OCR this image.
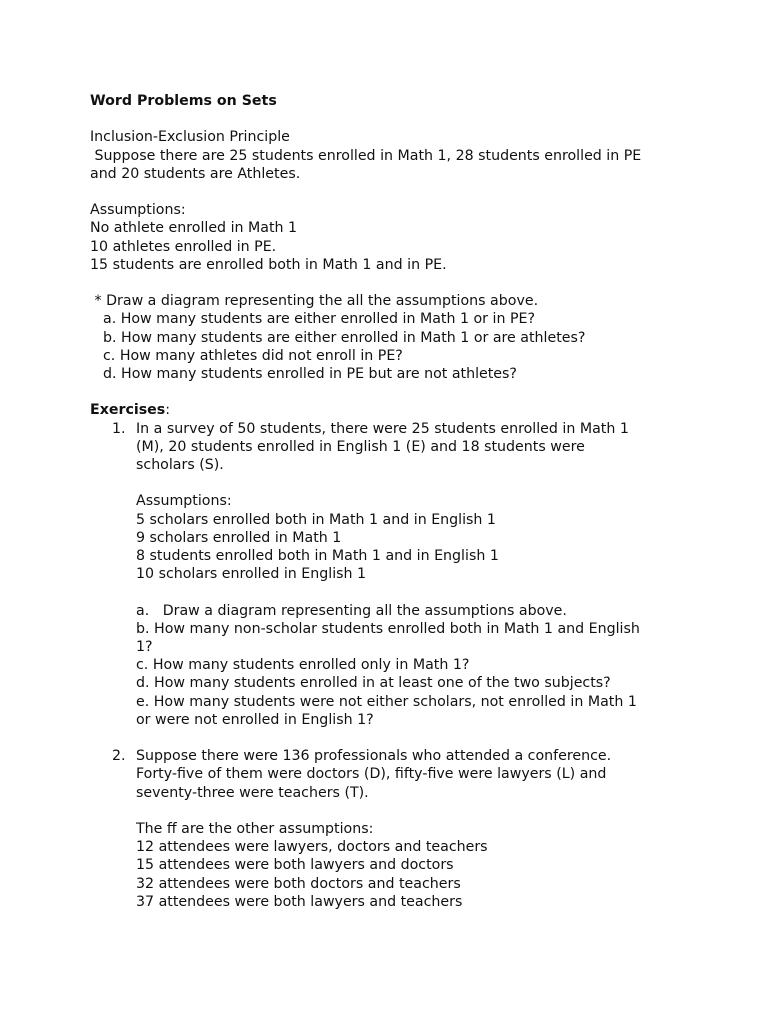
Word Problems on Sets
Inclusion-Exclusion Principle
Suppose there are 25 students enrolled in Math 1, 28 students enrolled in PE
and 20 students are Athletes.
Assumptions:
No athlete enrolled in Math 1
10 athletes enrolled in PE.
15 students are enrolled both in Math 1 and in PE.
* Draw a diagram representing the all the assumptions above.
a. How many students are either enrolled in Math 1 or in PE?
b. How many students are either enrolled in Math 1 or are athletes?
c. How many athletes did not enroll in PE?
d. How many students enrolled in PE but are not athletes?
Exercises:
1. In a survey of 50 students, there were 25 students enrolled in Math 1
(M), 20 students enrolled in English 1 (E) and 18 students were
scholars (S).
Assumptions:
5 scholars enrolled both in Math 1 and in English 1
9 scholars enrolled in Math 1
8 students enrolled both in Math 1 and in English 1
10 scholars enrolled in English 1
a.   Draw a diagram representing all the assumptions above.
b. How many non-scholar students enrolled both in Math 1 and English
1?
c. How many students enrolled only in Math 1?
d. How many students enrolled in at least one of the two subjects?
e. How many students were not either scholars, not enrolled in Math 1
or were not enrolled in English 1?
2. Suppose there were 136 professionals who attended a conference.
Forty-five of them were doctors (D), fifty-five were lawyers (L) and
seventy-three were teachers (T).
The ff are the other assumptions:
12 attendees were lawyers, doctors and teachers
15 attendees were both lawyers and doctors
32 attendees were both doctors and teachers
37 attendees were both lawyers and teachers
